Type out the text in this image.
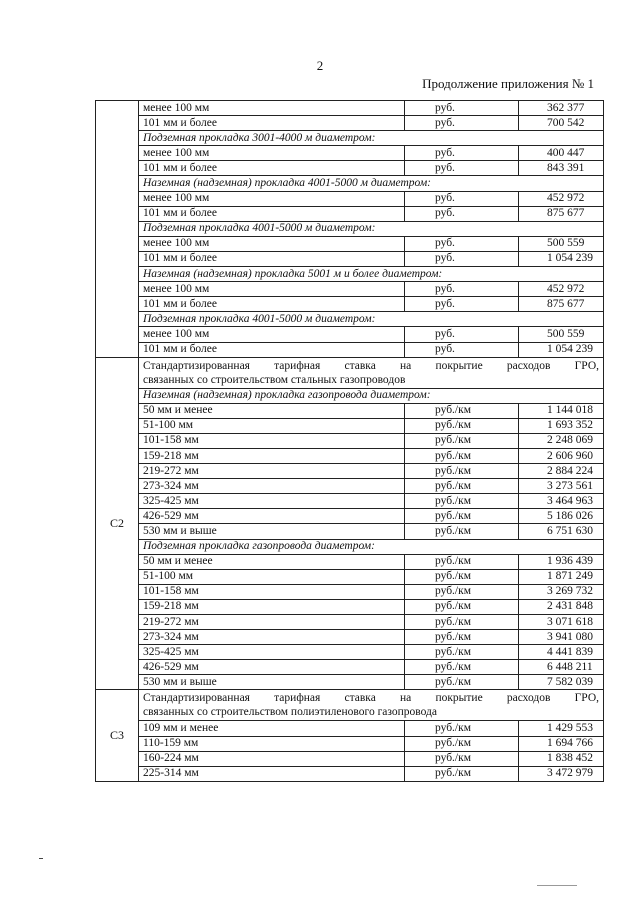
2
Продолжение приложения № 1
	менее 100 мм	руб.	362 377
	101 мм и более	руб.	700 542
	Подземная прокладка 3001-4000 м диаметром:		
	менее 100 мм	руб.	400 447
	101 мм и более	руб.	843 391
	Наземная (надземная) прокладка 4001-5000 м диаметром:		
	менее 100 мм	руб.	452 972
	101 мм и более	руб.	875 677
	Подземная прокладка 4001-5000 м диаметром:		
	менее 100 мм	руб.	500 559
	101 мм и более	руб.	1 054 239
	Наземная (надземная) прокладка 5001 м и более диаметром:		
	менее 100 мм	руб.	452 972
	101 мм и более	руб.	875 677
	Подземная прокладка 4001-5000 м диаметром:		
	менее 100 мм	руб.	500 559
	101 мм и более	руб.	1 054 239
С2	Стандартизированная тарифная ставка на покрытие расходов ГРО,
связанных со строительством стальных газопроводов		

	Наземная (надземная) прокладка газопровода диаметром:		
	50 мм и менее	руб./км	1 144 018
	51-100 мм	руб./км	1 693 352
	101-158 мм	руб./км	2 248 069
	159-218 мм	руб./км	2 606 960
	219-272 мм	руб./км	2 884 224
	273-324 мм	руб./км	3 273 561
	325-425 мм	руб./км	3 464 963
	426-529 мм	руб./км	5 186 026
	530 мм и выше	руб./км	6 751 630
	Подземная прокладка газопровода диаметром:		
	50 мм и менее	руб./км	1 936 439
	51-100 мм	руб./км	1 871 249
	101-158 мм	руб./км	3 269 732
	159-218 мм	руб./км	2 431 848
	219-272 мм	руб./км	3 071 618
	273-324 мм	руб./км	3 941 080
	325-425 мм	руб./км	4 441 839
	426-529 мм	руб./км	6 448 211
	530 мм и выше	руб./км	7 582 039
С3	Стандартизированная тарифная ставка на покрытие расходов ГРО,
связанных со строительством полиэтиленового газопровода		

	109 мм и менее	руб./км	1 429 553
	110-159 мм	руб./км	1 694 766
	160-224 мм	руб./км	1 838 452
	225-314 мм	руб./км	3 472 979
